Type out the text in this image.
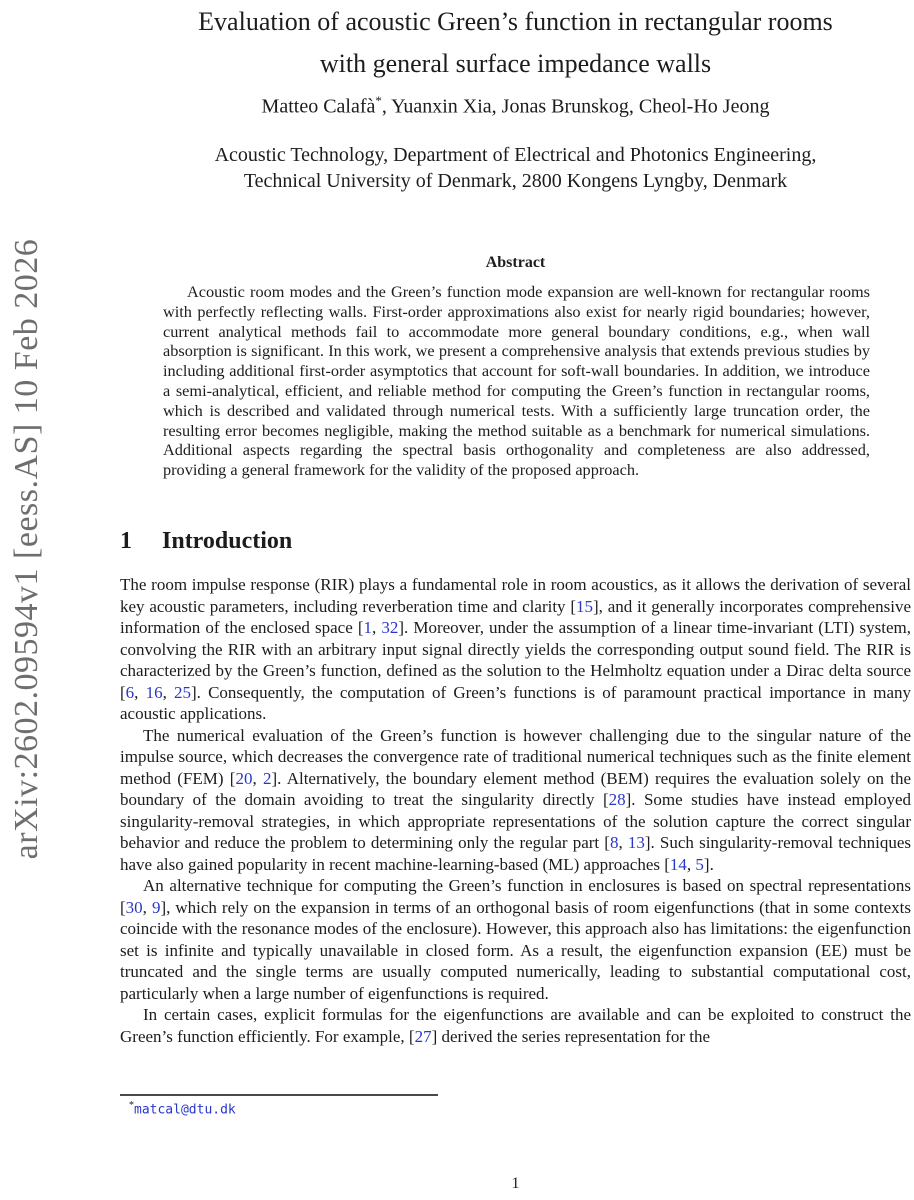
arXiv:2602.09594v1 [eess.AS] 10 Feb 2026
Evaluation of acoustic Green’s function in rectangular rooms
with general surface impedance walls
Matteo Calafà*, Yuanxin Xia, Jonas Brunskog, Cheol-Ho Jeong
Acoustic Technology, Department of Electrical and Photonics Engineering,
Technical University of Denmark, 2800 Kongens Lyngby, Denmark
Abstract
Acoustic room modes and the Green’s function mode expansion are well-known for rectangular rooms with perfectly reflecting walls. First-order approximations also exist for nearly rigid boundaries; however, current analytical methods fail to accommodate more general boundary conditions, e.g., when wall absorption is significant. In this work, we present a comprehensive analysis that extends previous studies by including additional first-order asymptotics that account for soft-wall boundaries. In addition, we introduce a semi-analytical, efficient, and reliable method for computing the Green’s function in rectangular rooms, which is described and validated through numerical tests. With a sufficiently large truncation order, the resulting error becomes negligible, making the method suitable as a benchmark for numerical simulations. Additional aspects regarding the spectral basis orthogonality and completeness are also addressed, providing a general framework for the validity of the proposed approach.
1 Introduction
The room impulse response (RIR) plays a fundamental role in room acoustics, as it allows the derivation of several key acoustic parameters, including reverberation time and clarity [15], and it generally incorporates comprehensive information of the enclosed space [1, 32]. Moreover, under the assumption of a linear time-invariant (LTI) system, convolving the RIR with an arbitrary input signal directly yields the corresponding output sound field. The RIR is characterized by the Green’s function, defined as the solution to the Helmholtz equation under a Dirac delta source [6, 16, 25]. Consequently, the computation of Green’s functions is of paramount practical importance in many acoustic applications.
The numerical evaluation of the Green’s function is however challenging due to the singular nature of the impulse source, which decreases the convergence rate of traditional numerical techniques such as the finite element method (FEM) [20, 2]. Alternatively, the boundary element method (BEM) requires the evaluation solely on the boundary of the domain avoiding to treat the singularity directly [28]. Some studies have instead employed singularity-removal strategies, in which appropriate representations of the solution capture the correct singular behavior and reduce the problem to determining only the regular part [8, 13]. Such singularity-removal techniques have also gained popularity in recent machine-learning-based (ML) approaches [14, 5].
An alternative technique for computing the Green’s function in enclosures is based on spectral representations [30, 9], which rely on the expansion in terms of an orthogonal basis of room eigenfunctions (that in some contexts coincide with the resonance modes of the enclosure). However, this approach also has limitations: the eigenfunction set is infinite and typically unavailable in closed form. As a result, the eigenfunction expansion (EE) must be truncated and the single terms are usually computed numerically, leading to substantial computational cost, particularly when a large number of eigenfunctions is required.
In certain cases, explicit formulas for the eigenfunctions are available and can be exploited to construct the Green’s function efficiently. For example, [27] derived the series representation for the
*matcal@dtu.dk
1
